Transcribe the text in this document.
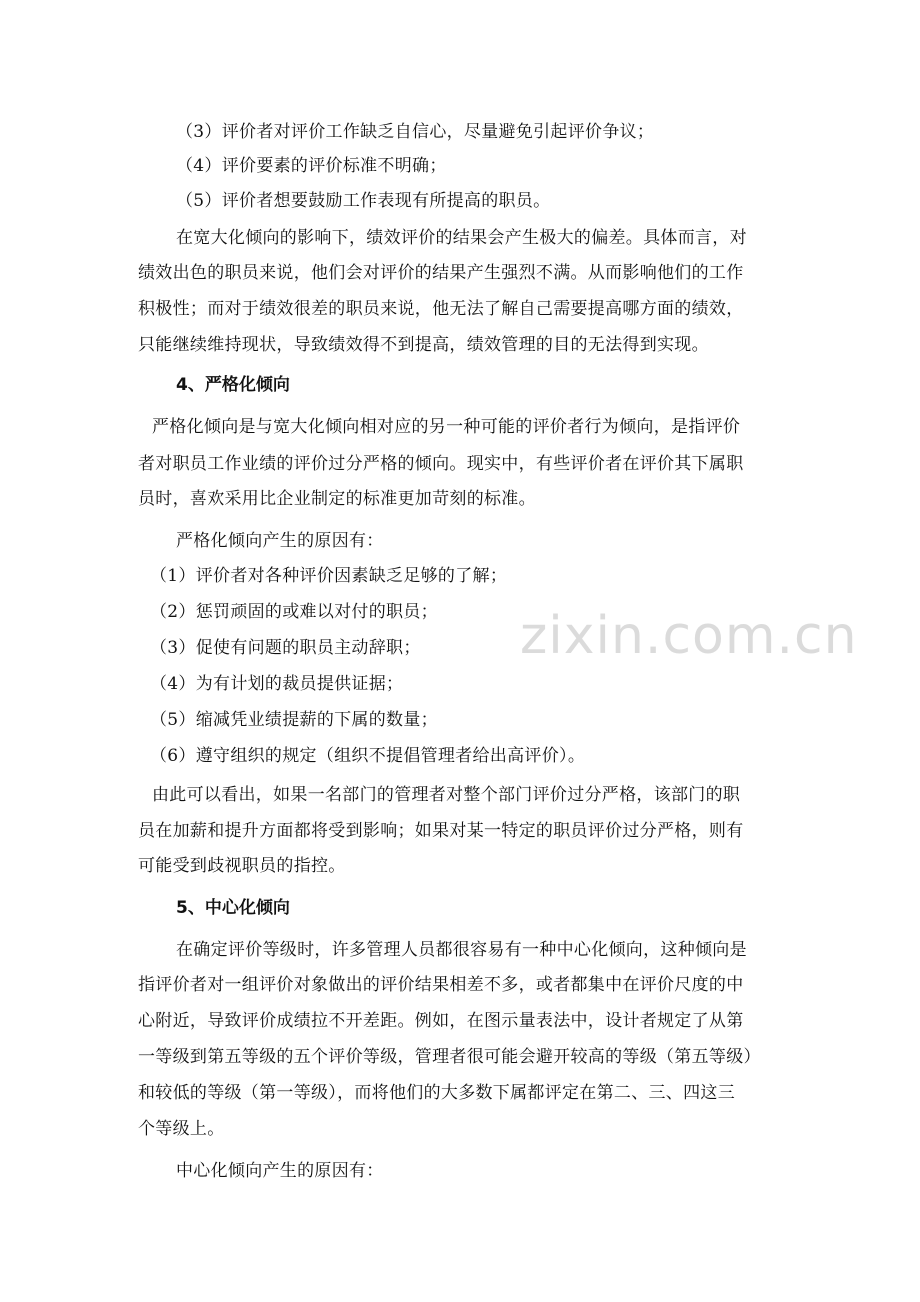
（3）评价者对评价工作缺乏自信心，尽量避免引起评价争议；
（4）评价要素的评价标准不明确；
（5）评价者想要鼓励工作表现有所提高的职员。
在宽大化倾向的影响下，绩效评价的结果会产生极大的偏差。具体而言，对
绩效出色的职员来说，他们会对评价的结果产生强烈不满。从而影响他们的工作
积极性；而对于绩效很差的职员来说，他无法了解自己需要提高哪方面的绩效，
只能继续维持现状，导致绩效得不到提高，绩效管理的目的无法得到实现。
4、严格化倾向
严格化倾向是与宽大化倾向相对应的另一种可能的评价者行为倾向，是指评价
者对职员工作业绩的评价过分严格的倾向。现实中，有些评价者在评价其下属职
员时，喜欢采用比企业制定的标准更加苛刻的标准。
严格化倾向产生的原因有：
（1）评价者对各种评价因素缺乏足够的了解；
（2）惩罚顽固的或难以对付的职员；
（3）促使有问题的职员主动辞职；
（4）为有计划的裁员提供证据；
（5）缩减凭业绩提薪的下属的数量；
（6）遵守组织的规定（组织不提倡管理者给出高评价）。
由此可以看出，如果一名部门的管理者对整个部门评价过分严格，该部门的职
员在加薪和提升方面都将受到影响；如果对某一特定的职员评价过分严格，则有
可能受到歧视职员的指控。
5、中心化倾向
在确定评价等级时，许多管理人员都很容易有一种中心化倾向，这种倾向是
指评价者对一组评价对象做出的评价结果相差不多，或者都集中在评价尺度的中
心附近，导致评价成绩拉不开差距。例如，在图示量表法中，设计者规定了从第
一等级到第五等级的五个评价等级，管理者很可能会避开较高的等级（第五等级）
和较低的等级（第一等级），而将他们的大多数下属都评定在第二、三、四这三
个等级上。
中心化倾向产生的原因有：
zixin.com.cn
